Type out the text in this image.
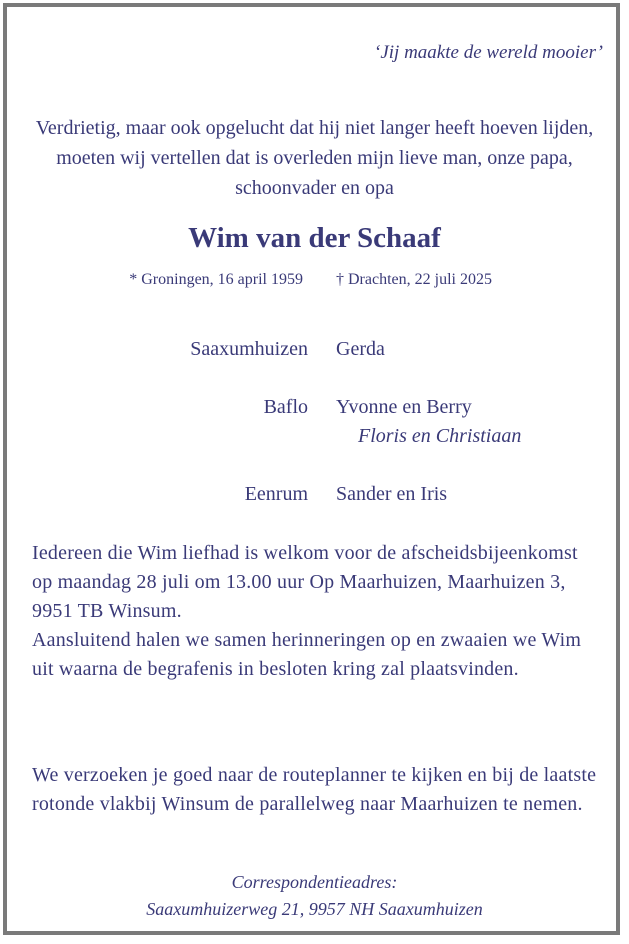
‘Jij maakte de wereld mooier’
Verdrietig, maar ook opgelucht dat hij niet langer heeft hoeven lijden, moeten wij vertellen dat is overleden mijn lieve man, onze papa, schoonvader en opa
Wim van der Schaaf
* Groningen, 16 april 1959 † Drachten, 22 juli 2025
Saaxumhuizen Gerda
Baflo Yvonne en Berry
Floris en Christiaan
Eenrum Sander en Iris
Iedereen die Wim liefhad is welkom voor de afscheidsbijeenkomst op maandag 28 juli om 13.00 uur Op Maarhuizen, Maarhuizen 3, 9951 TB Winsum.
Aansluitend halen we samen herinneringen op en zwaaien we Wim uit waarna de begrafenis in besloten kring zal plaatsvinden.
We verzoeken je goed naar de routeplanner te kijken en bij de laatste rotonde vlakbij Winsum de parallelweg naar Maarhuizen te nemen.
Correspondentieadres:
Saaxumhuizerweg 21, 9957 NH Saaxumhuizen
